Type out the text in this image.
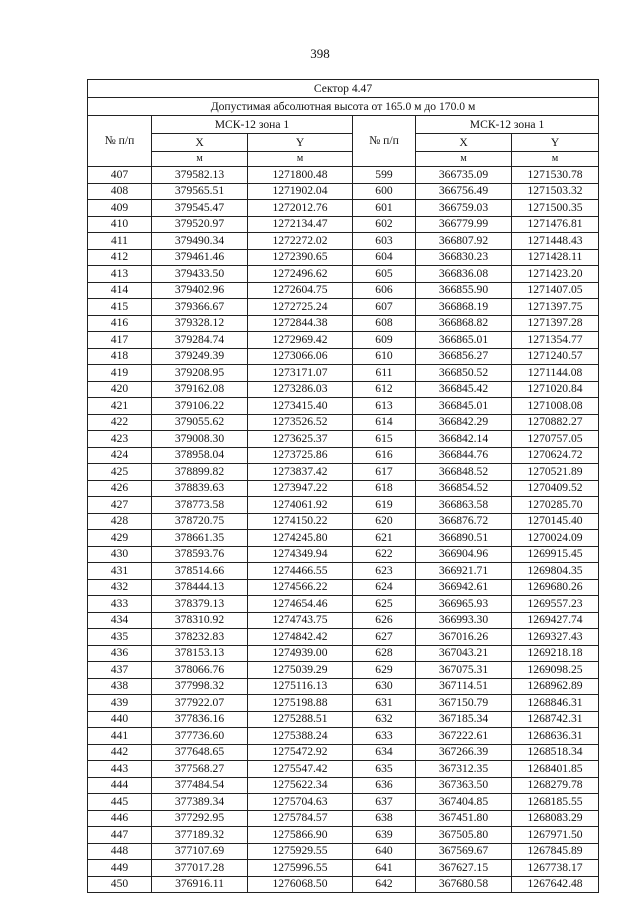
398
Сектор 4.47					
Допустимая абсолютная высота от 165.0 м до 170.0 м					
№ п/п	МСК-12 зона 1		№ п/п	МСК-12 зона 1	
	X	Y		X	Y
	м	м		м	м
407	379582.13	1271800.48	599	366735.09	1271530.78
408	379565.51	1271902.04	600	366756.49	1271503.32
409	379545.47	1272012.76	601	366759.03	1271500.35
410	379520.97	1272134.47	602	366779.99	1271476.81
411	379490.34	1272272.02	603	366807.92	1271448.43
412	379461.46	1272390.65	604	366830.23	1271428.11
413	379433.50	1272496.62	605	366836.08	1271423.20
414	379402.96	1272604.75	606	366855.90	1271407.05
415	379366.67	1272725.24	607	366868.19	1271397.75
416	379328.12	1272844.38	608	366868.82	1271397.28
417	379284.74	1272969.42	609	366865.01	1271354.77
418	379249.39	1273066.06	610	366856.27	1271240.57
419	379208.95	1273171.07	611	366850.52	1271144.08
420	379162.08	1273286.03	612	366845.42	1271020.84
421	379106.22	1273415.40	613	366845.01	1271008.08
422	379055.62	1273526.52	614	366842.29	1270882.27
423	379008.30	1273625.37	615	366842.14	1270757.05
424	378958.04	1273725.86	616	366844.76	1270624.72
425	378899.82	1273837.42	617	366848.52	1270521.89
426	378839.63	1273947.22	618	366854.52	1270409.52
427	378773.58	1274061.92	619	366863.58	1270285.70
428	378720.75	1274150.22	620	366876.72	1270145.40
429	378661.35	1274245.80	621	366890.51	1270024.09
430	378593.76	1274349.94	622	366904.96	1269915.45
431	378514.66	1274466.55	623	366921.71	1269804.35
432	378444.13	1274566.22	624	366942.61	1269680.26
433	378379.13	1274654.46	625	366965.93	1269557.23
434	378310.92	1274743.75	626	366993.30	1269427.74
435	378232.83	1274842.42	627	367016.26	1269327.43
436	378153.13	1274939.00	628	367043.21	1269218.18
437	378066.76	1275039.29	629	367075.31	1269098.25
438	377998.32	1275116.13	630	367114.51	1268962.89
439	377922.07	1275198.88	631	367150.79	1268846.31
440	377836.16	1275288.51	632	367185.34	1268742.31
441	377736.60	1275388.24	633	367222.61	1268636.31
442	377648.65	1275472.92	634	367266.39	1268518.34
443	377568.27	1275547.42	635	367312.35	1268401.85
444	377484.54	1275622.34	636	367363.50	1268279.78
445	377389.34	1275704.63	637	367404.85	1268185.55
446	377292.95	1275784.57	638	367451.80	1268083.29
447	377189.32	1275866.90	639	367505.80	1267971.50
448	377107.69	1275929.55	640	367569.67	1267845.89
449	377017.28	1275996.55	641	367627.15	1267738.17
450	376916.11	1276068.50	642	367680.58	1267642.48
